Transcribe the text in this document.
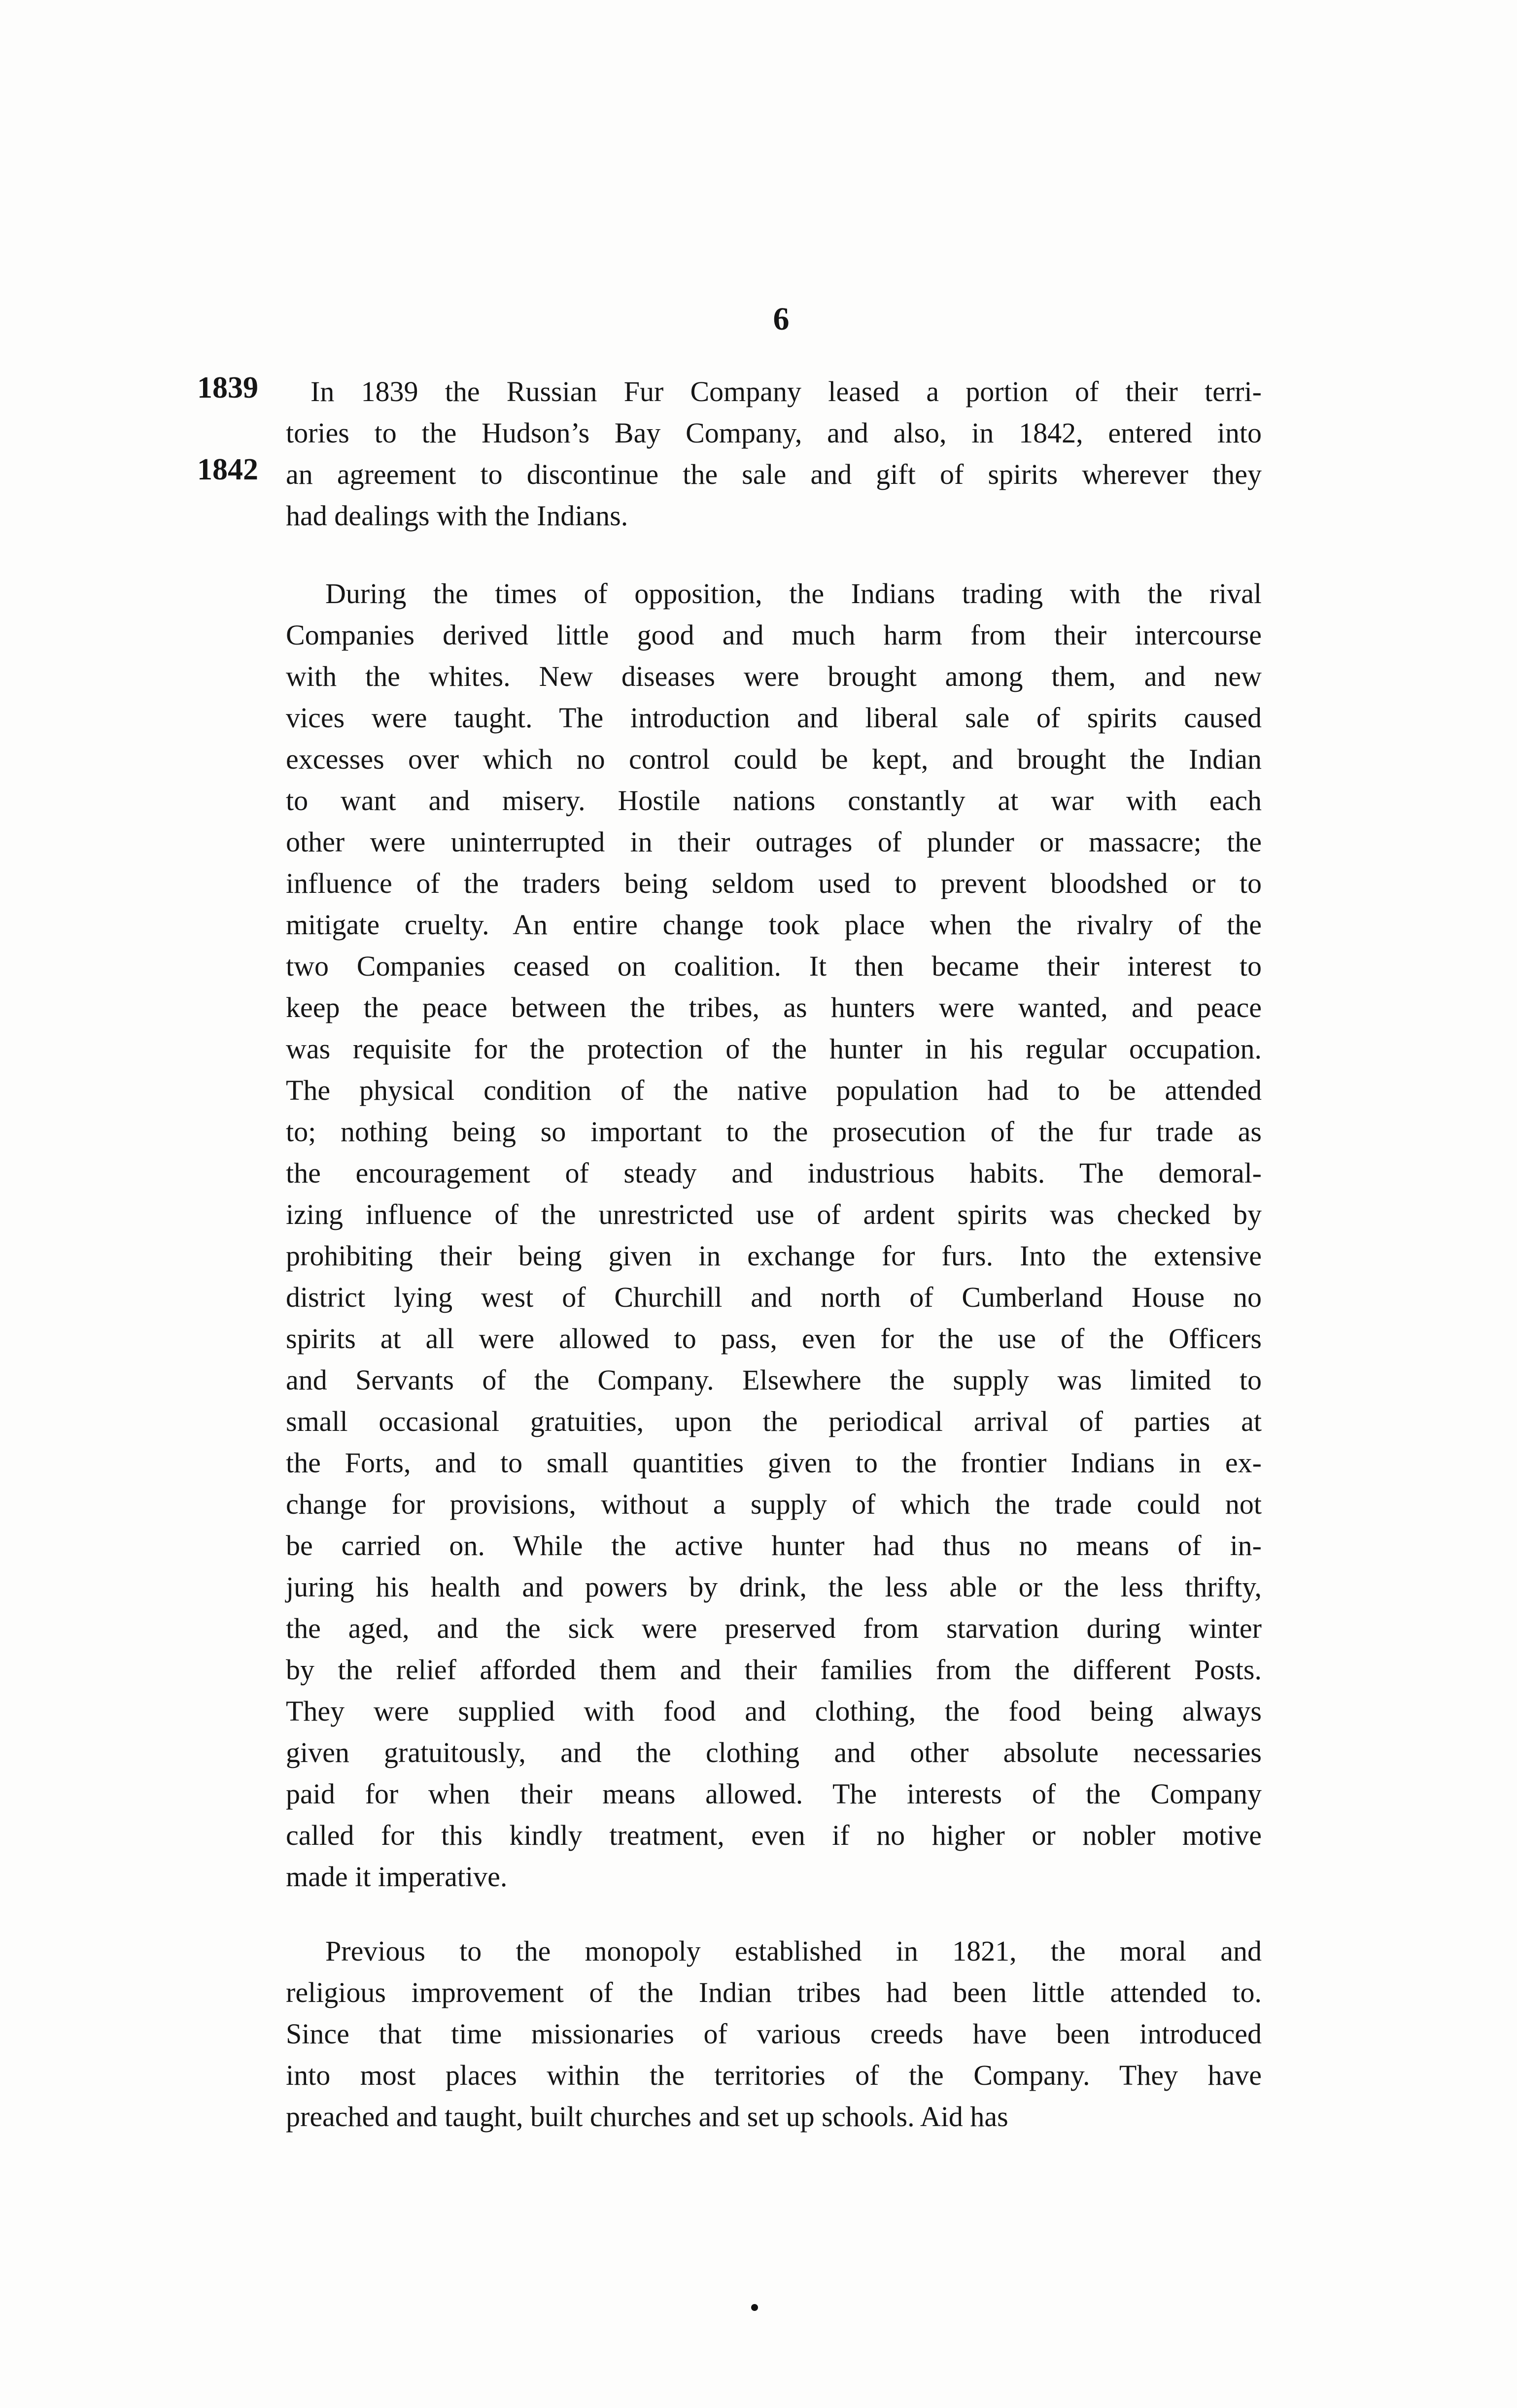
6
1839
1842
In 1839 the Russian Fur Company leased a portion of their terri-
tories to the Hudson’s Bay Company, and also, in 1842, entered into
an agreement to discontinue the sale and gift of spirits wherever they
had dealings with the Indians.
During the times of opposition, the Indians trading with the rival
Companies derived little good and much harm from their intercourse
with the whites. New diseases were brought among them, and new
vices were taught. The introduction and liberal sale of spirits caused
excesses over which no control could be kept, and brought the Indian
to want and misery. Hostile nations constantly at war with each
other were uninterrupted in their outrages of plunder or massacre; the
influence of the traders being seldom used to prevent bloodshed or to
mitigate cruelty. An entire change took place when the rivalry of the
two Companies ceased on coalition. It then became their interest to
keep the peace between the tribes, as hunters were wanted, and peace
was requisite for the protection of the hunter in his regular occupation.
The physical condition of the native population had to be attended
to; nothing being so important to the prosecution of the fur trade as
the encouragement of steady and industrious habits. The demoral-
izing influence of the unrestricted use of ardent spirits was checked by
prohibiting their being given in exchange for furs. Into the extensive
district lying west of Churchill and north of Cumberland House no
spirits at all were allowed to pass, even for the use of the Officers
and Servants of the Company. Elsewhere the supply was limited to
small occasional gratuities, upon the periodical arrival of parties at
the Forts, and to small quantities given to the frontier Indians in ex-
change for provisions, without a supply of which the trade could not
be carried on. While the active hunter had thus no means of in-
juring his health and powers by drink, the less able or the less thrifty,
the aged, and the sick were preserved from starvation during winter
by the relief afforded them and their families from the different Posts.
They were supplied with food and clothing, the food being always
given gratuitously, and the clothing and other absolute necessaries
paid for when their means allowed. The interests of the Company
called for this kindly treatment, even if no higher or nobler motive
made it imperative.
Previous to the monopoly established in 1821, the moral and
religious improvement of the Indian tribes had been little attended to.
Since that time missionaries of various creeds have been introduced
into most places within the territories of the Company. They have
preached and taught, built churches and set up schools. Aid has
